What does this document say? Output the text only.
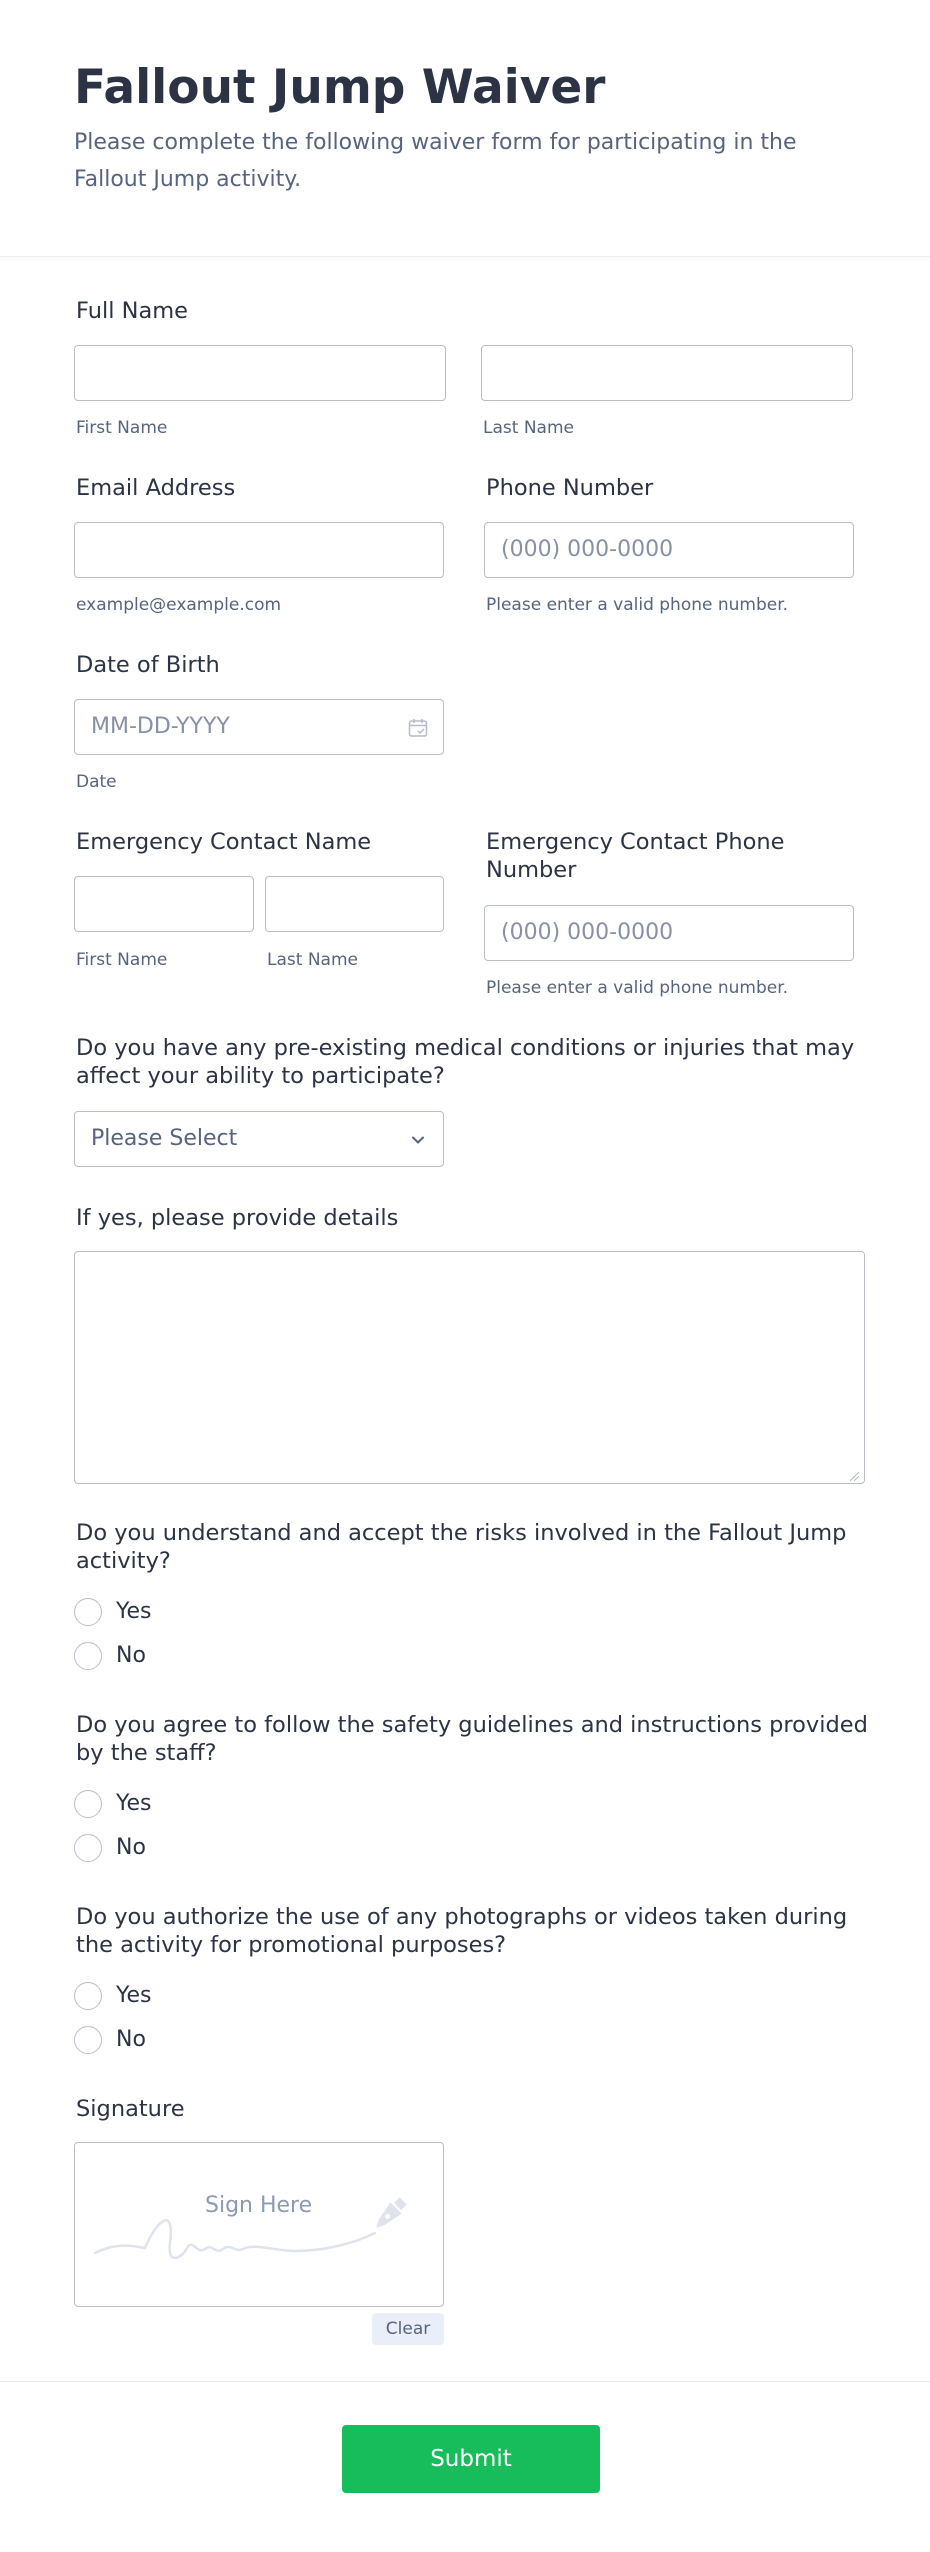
Fallout Jump Waiver
Please complete the following waiver form for participating in the Fallout Jump activity.
Full Name
First Name	Last Name
Email Address
example@example.com
Phone Number
(000) 000-0000
Please enter a valid phone number.
Date of Birth
MM-DD-YYYY
Date
Emergency Contact Name
First Name	Last Name
Emergency Contact Phone
Number
(000) 000-0000
Please enter a valid phone number.
Do you have any pre-existing medical conditions or injuries that may
affect your ability to participate?
Please Select
If yes, please provide details
Do you understand and accept the risks involved in the Fallout Jump
activity?
Yes
No
Do you agree to follow the safety guidelines and instructions provided
by the staff?
Yes
No
Do you authorize the use of any photographs or videos taken during
the activity for promotional purposes?
Yes
No
Signature
Sign Here
Clear
Submit
